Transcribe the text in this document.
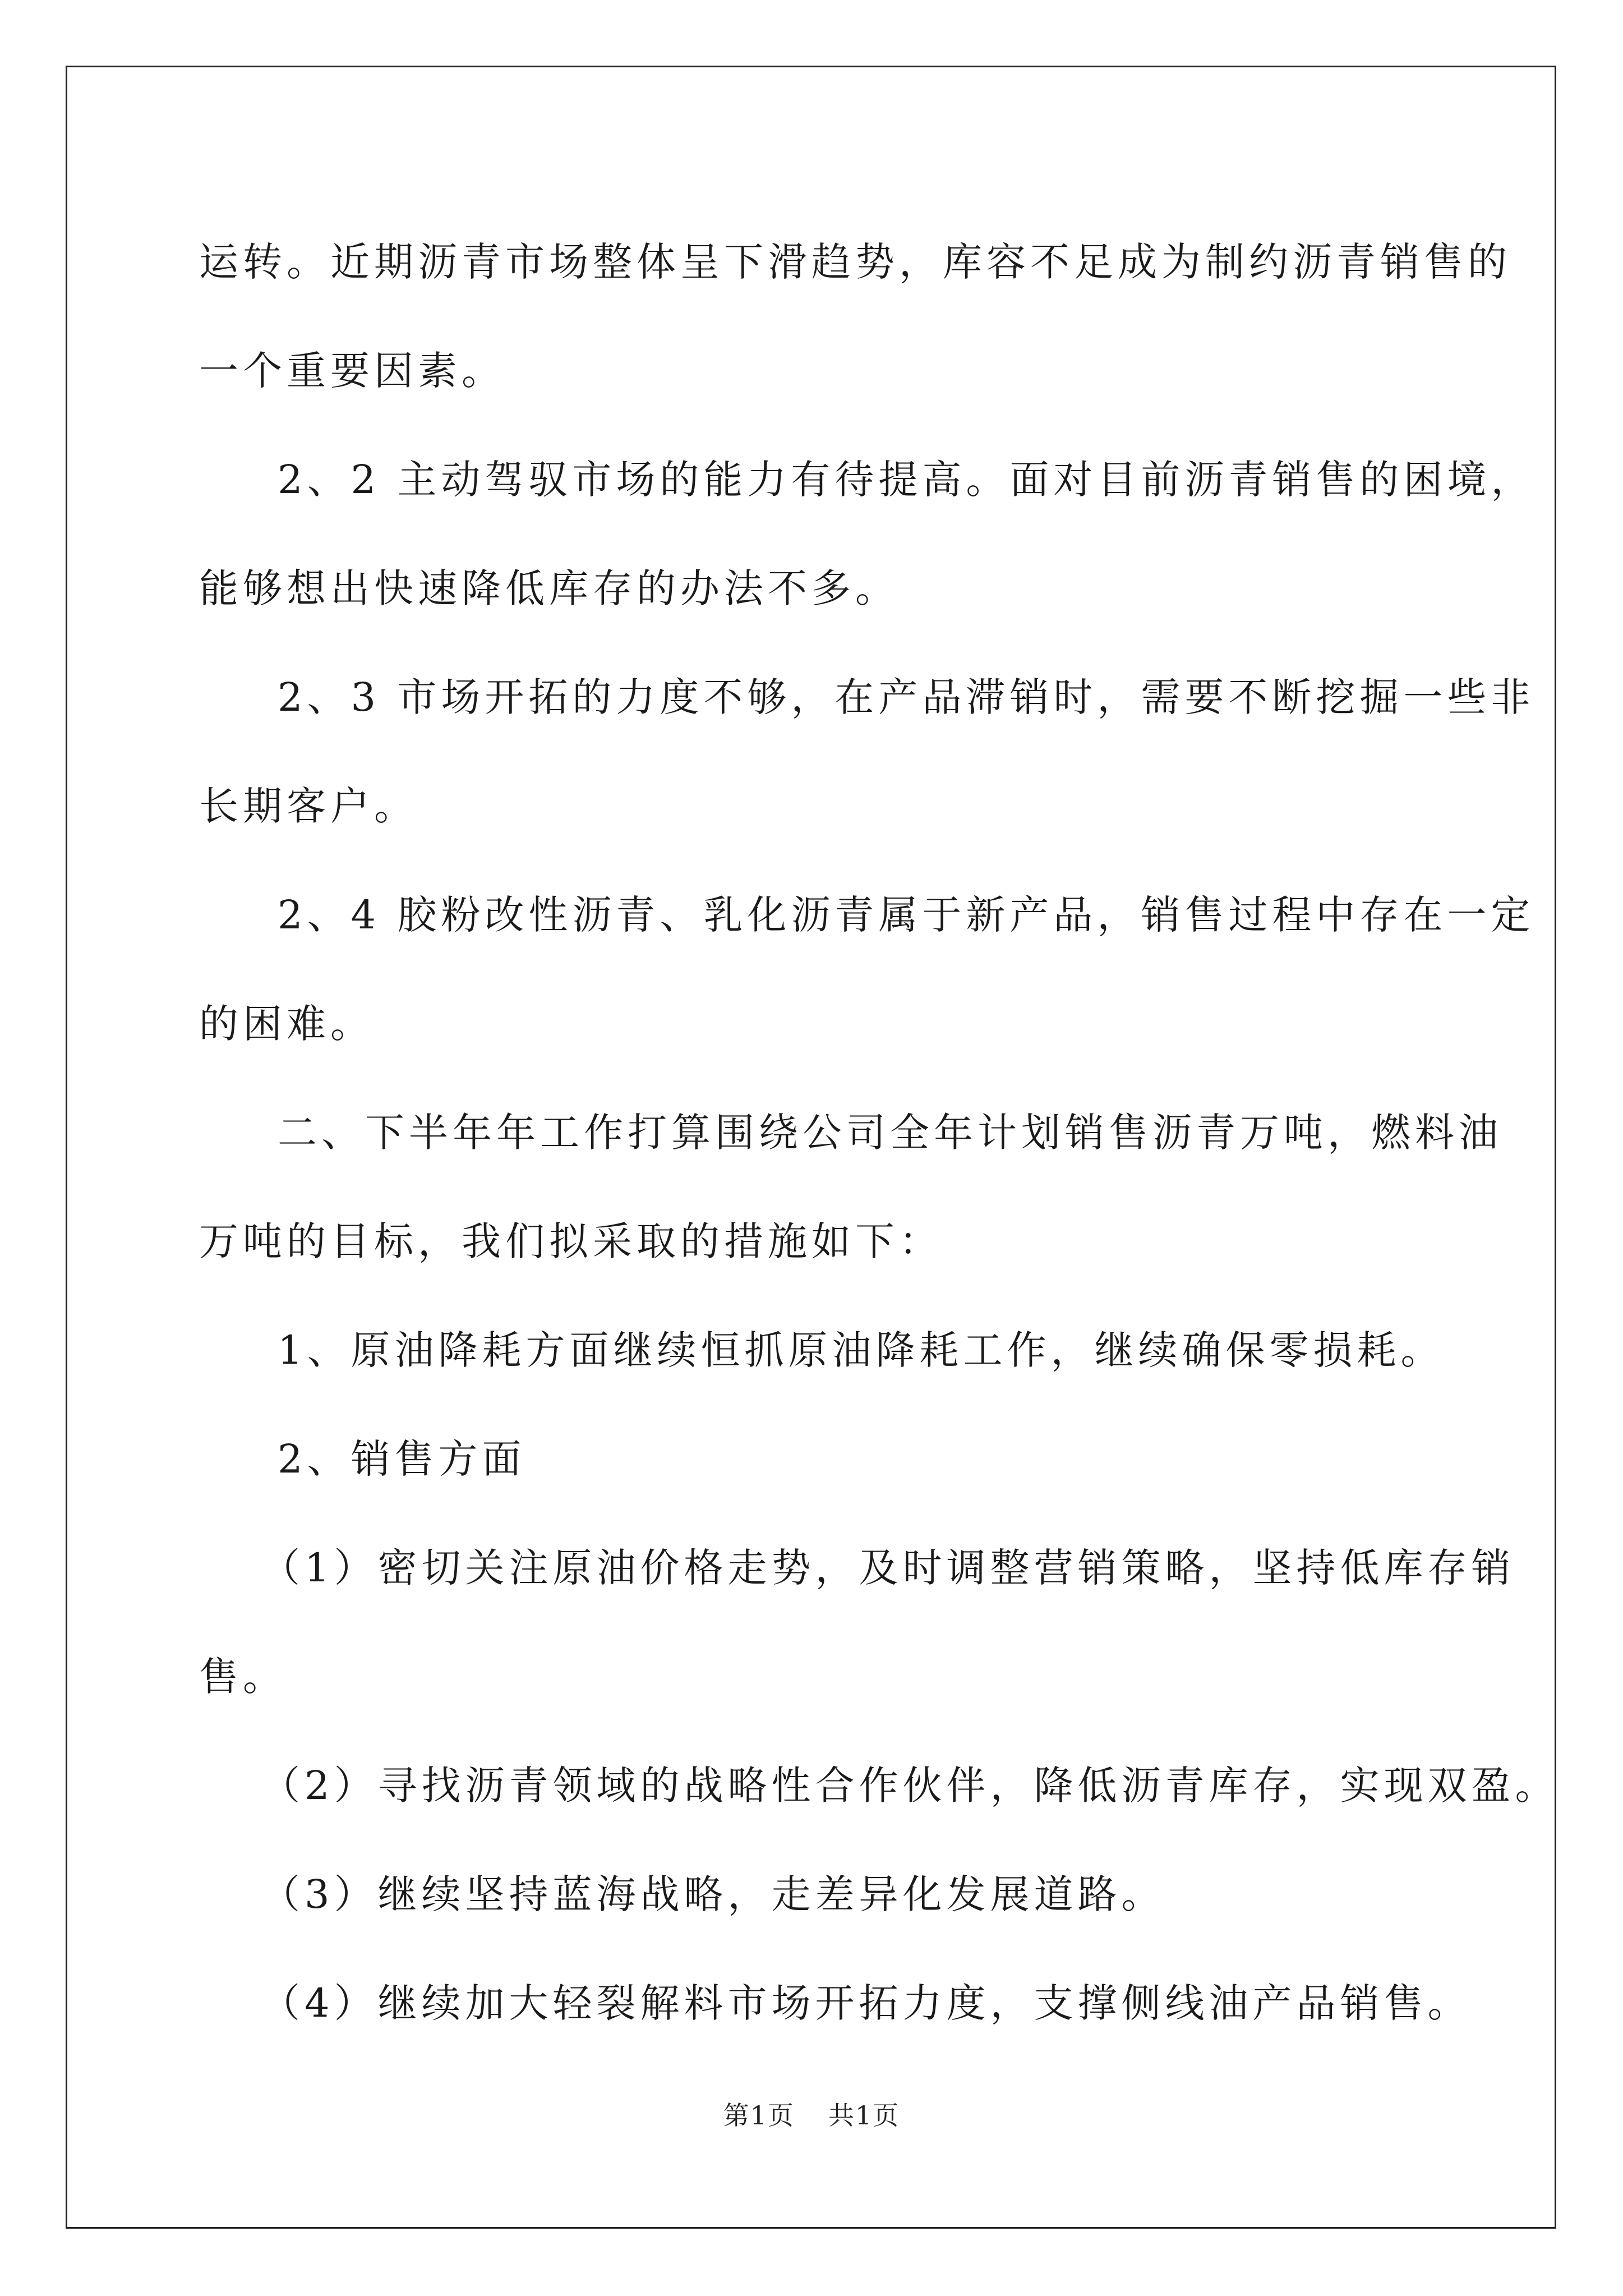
运转。近期沥青市场整体呈下滑趋势，库容不足成为制约沥青销售的

一个重要因素。

2、2 主动驾驭市场的能力有待提高。面对目前沥青销售的困境，

能够想出快速降低库存的办法不多。

2、3 市场开拓的力度不够，在产品滞销时，需要不断挖掘一些非

长期客户。

2、4 胶粉改性沥青、乳化沥青属于新产品，销售过程中存在一定

的困难。

二、下半年年工作打算围绕公司全年计划销售沥青万吨，燃料油

万吨的目标，我们拟采取的措施如下：

1、原油降耗方面继续恒抓原油降耗工作，继续确保零损耗。

2、销售方面

（1）密切关注原油价格走势，及时调整营销策略，坚持低库存销

售。

（2）寻找沥青领域的战略性合作伙伴，降低沥青库存，实现双盈。

（3）继续坚持蓝海战略，走差异化发展道路。

（4）继续加大轻裂解料市场开拓力度，支撑侧线油产品销售。

第1页 共1页
